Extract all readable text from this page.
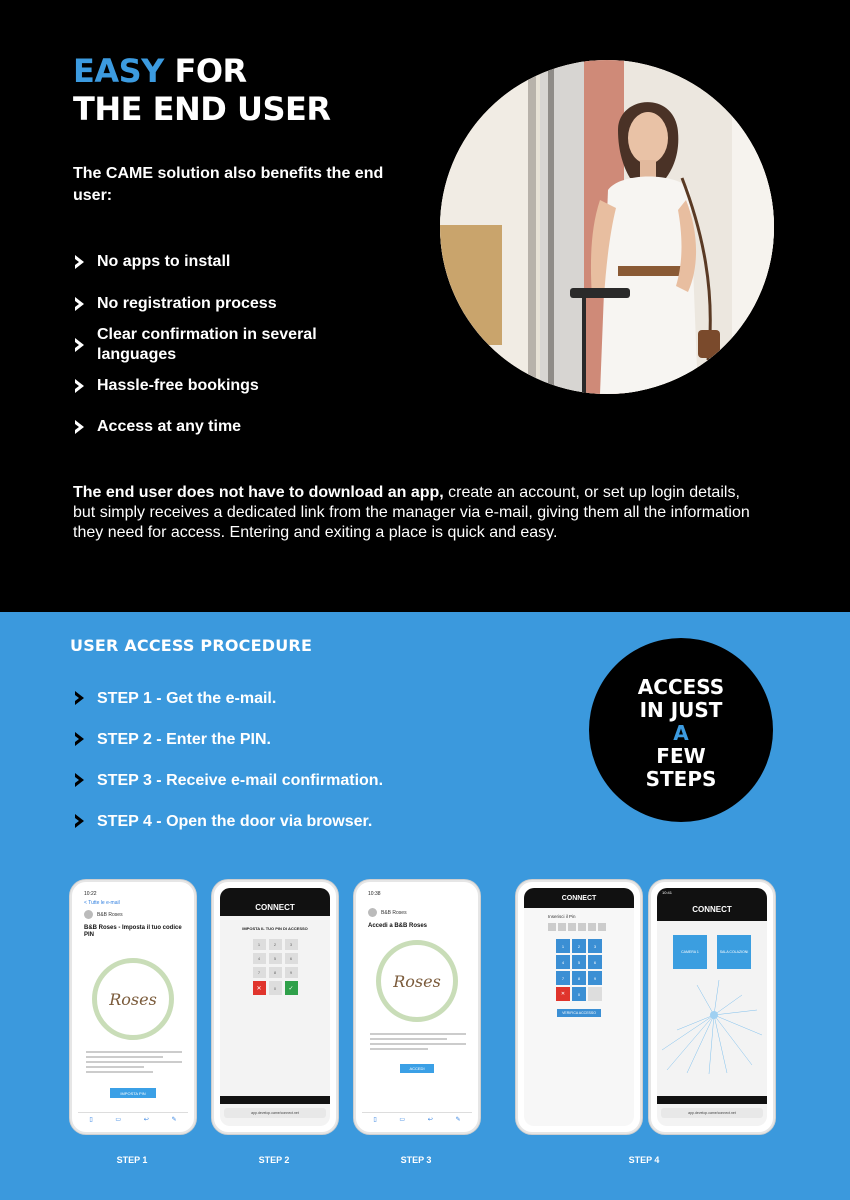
EASY FOR
THE END USER

The CAME solution also benefits the end user:

No apps to install
No registration process
Clear confirmation in several languages
Hassle-free bookings
Access at any time

The end user does not have to download an app, create an account, or set up login details, but simply receives a dedicated link from the manager via e-mail, giving them all the information they need for access. Entering and exiting a place is quick and easy.

USER ACCESS PROCEDURE
STEP 1 - Get the e-mail.
STEP 2 - Enter the PIN.
STEP 3 - Receive e-mail confirmation.
STEP 4 - Open the door via browser.
ACCESS
IN JUST
A
FEW
STEPS
10:22
< Tutte le e-mail
B&B Roses
B&B Roses - Imposta il tuo codice PIN
Roses
IMPOSTA PIN
▯	▭	↩	✎
CONNECT
IMPOSTA IL TUO PIN DI ACCESSO
1	2	3
4	5	6
7	8	9
✕	0	✓
app.develop.came/connect.net
10:38
B&B Roses
Accedi a B&B Roses
Roses
ACCEDI
▯	▭	↩	✎
CONNECT
Inserisci il Pin
1	2	3
4	5	6
7	8	9
✕	0
VERIFICA ACCESSO
10:41
CONNECT
CAMERA 1	SALA COLAZIONI
app.develop.came/connect.net
STEP 1	STEP 2	STEP 3	STEP 4
